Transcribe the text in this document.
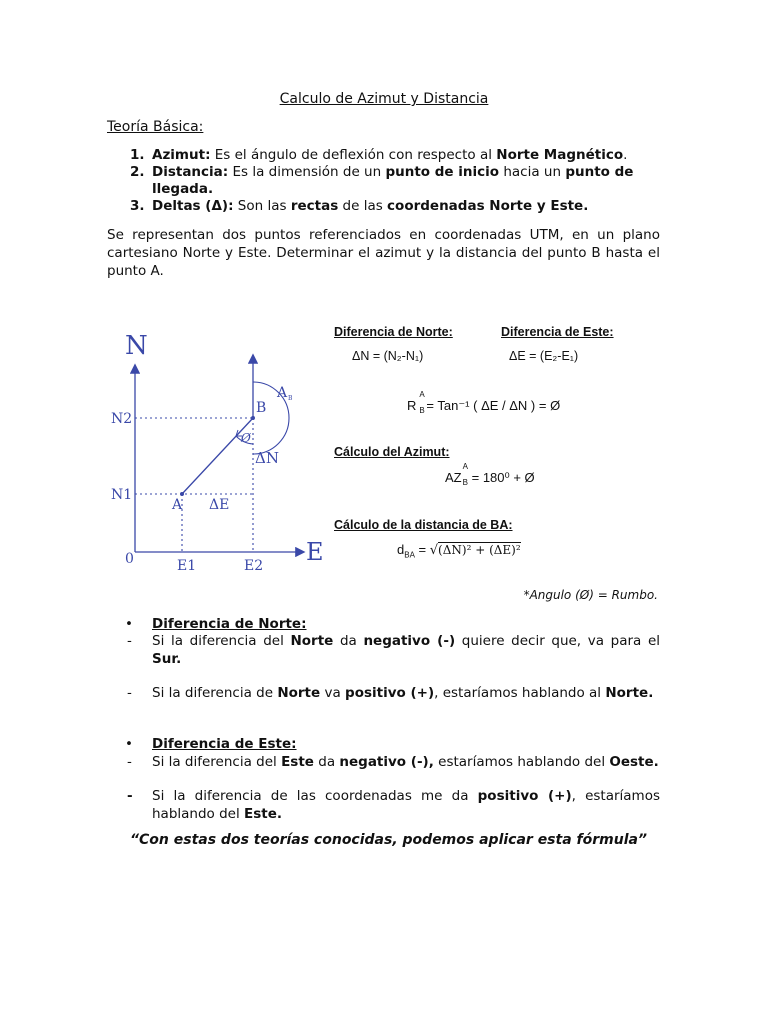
Calculo de Azimut y Distancia
Teoría Básica:
1. Azimut: Es el ángulo de deflexión con respecto al Norte Magnético.
2. Distancia: Es la dimensión de un punto de inicio hacia un punto de llegada.
3. Deltas (Δ): Son las rectas de las coordenadas Norte y Este.
Se representan dos puntos referenciados en coordenadas UTM, en un plano cartesiano Norte y Este. Determinar el azimut y la distancia del punto B hasta el punto A.
N
E
0
N2
N1
E1	E2
A
B
ΔN
ΔE
Ø
A B
Diferencia de Norte:	Diferencia de Este:
ΔN = (N₂-N₁)	ΔE = (E₂-E₁)
R
A
B = Tan⁻¹ ( ΔE / ΔN ) = Ø
Cálculo del Azimut:
AZ
A
B = 180⁰ + Ø
Cálculo de la distancia de BA:
$d_{BA} = √(\Delta N)^2 + (\Delta E)^2$
*Angulo (Ø) = Rumbo.
• Diferencia de Norte:
- Si la diferencia del Norte da negativo (-) quiere decir que, va para el Sur.
- Si la diferencia de Norte va positivo (+), estaríamos hablando al Norte.
• Diferencia de Este:
- Si la diferencia del Este da negativo (-), estaríamos hablando del Oeste.
- Si la diferencia de las coordenadas me da positivo (+), estaríamos hablando del Este.
“Con estas dos teorías conocidas, podemos aplicar esta fórmula”
